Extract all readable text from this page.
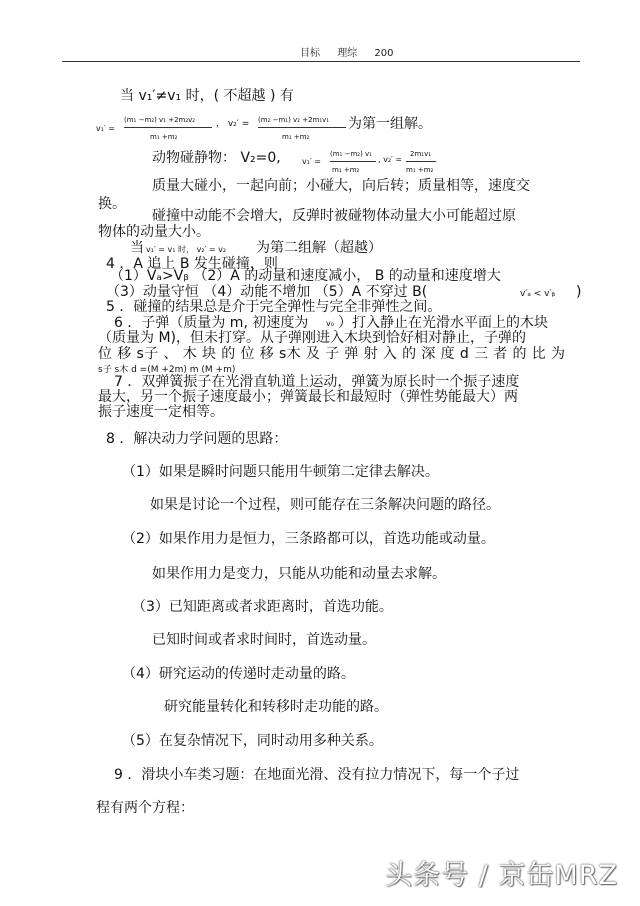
目标 理综 200
当 v₁′≠v₁ 时，( 不超越 ) 有
v₁′ =
(m₁ −m₂) v₁ +2m₂v₂
m₁ +m₂
， v₂′ = (m₂ −m₁) v₂ +2m₁v₁
m₁ +m₂
为第一组解。
动物碰静物： V₂=0,	v₁′ =
(m₁ −m₂) v₁
m₁ +m₂
, v₂′ =
2m₁v₁
m₁ +m₂
质量大碰小，一起向前；小碰大，向后转；质量相等，速度交
换。
碰撞中动能不会增大，反弹时被碰物体动量大小可能超过原
物体的动量大小。
当 v₁′ = v₁ 时， v₂′ = v₂ 为第二组解（超越）
4 ．A 追上 B 发生碰撞，则
（1）Vₐ>Vᵦ （2）A 的动量和速度减小， B 的动量和速度增大
（3）动量守恒 （4）动能不增加 （5）A 不穿过 B(	v′ₐ < v′ᵦ )
5 ．碰撞的结果总是介于完全弹性与完全非弹性之间。
6 ．子弹（质量为 m, 初速度为 v₀ ）打入静止在光滑水平面上的木块
（质量为 M)，但未打穿。从子弹刚进入木块到恰好相对静止，子弹的
位 移 s子 、 木 块 的 位 移 s木 及 子 弹 射 入 的 深 度 d 三 者 的 比 为
s子 s木 d =(M +2m) m (M +m)
7 ．双弹簧振子在光滑直轨道上运动，弹簧为原长时一个振子速度
最大，另一个振子速度最小；弹簧最长和最短时（弹性势能最大）两
振子速度一定相等。
8 ．解决动力学问题的思路：
（1）如果是瞬时问题只能用牛顿第二定律去解决。
如果是讨论一个过程，则可能存在三条解决问题的路径。
（2）如果作用力是恒力，三条路都可以，首选功能或动量。
如果作用力是变力，只能从功能和动量去求解。
（3）已知距离或者求距离时，首选功能。
已知时间或者求时间时，首选动量。
（4）研究运动的传递时走动量的路。
研究能量转化和转移时走功能的路。
（5）在复杂情况下，同时动用多种关系。
9 ．滑块小车类习题：在地面光滑、没有拉力情况下，每一个子过
程有两个方程：
头条号 / 京缶MRZ
